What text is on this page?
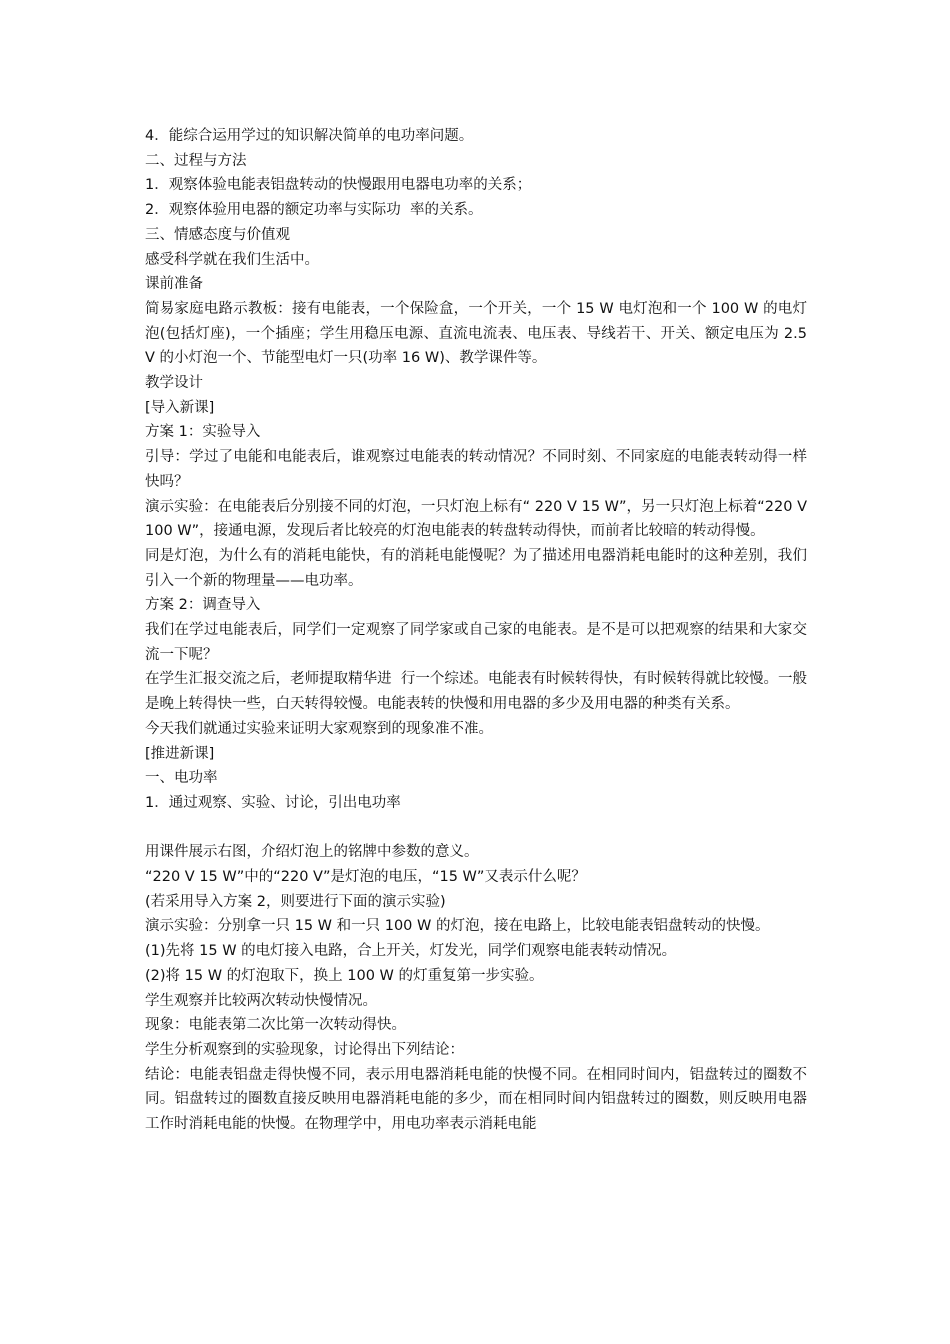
4．能综合运用学过的知识解决简单的电功率问题。

二、过程与方法

1．观察体验电能表铝盘转动的快慢跟用电器电功率的关系；

2．观察体验用电器的额定功率与实际功  率的关系。

三、情感态度与价值观

感受科学就在我们生活中。

课前准备

简易家庭电路示教板：接有电能表，一个保险盒，一个开关，一个 15 W 电灯泡和一个 100 W 的电灯泡(包括灯座)，一个插座；学生用稳压电源、直流电流表、电压表、导线若干、开关、额定电压为 2.5 V 的小灯泡一个、节能型电灯一只(功率 16 W)、教学课件等。

教学设计

[导入新课]

方案 1：实验导入

引导：学过了电能和电能表后，谁观察过电能表的转动情况？不同时刻、不同家庭的电能表转动得一样快吗？

演示实验：在电能表后分别接不同的灯泡，一只灯泡上标有“ 220 V 15 W”，另一只灯泡上标着“220 V 100 W”，接通电源，发现后者比较亮的灯泡电能表的转盘转动得快，而前者比较暗的转动得慢。

同是灯泡，为什么有的消耗电能快，有的消耗电能慢呢？为了描述用电器消耗电能时的这种差别，我们引入一个新的物理量——电功率。

方案 2：调查导入

我们在学过电能表后，同学们一定观察了同学家或自己家的电能表。是不是可以把观察的结果和大家交流一下呢？

在学生汇报交流之后，老师提取精华进  行一个综述。电能表有时候转得快，有时候转得就比较慢。一般是晚上转得快一些，白天转得较慢。电能表转的快慢和用电器的多少及用电器的种类有关系。

今天我们就通过实验来证明大家观察到的现象准不准。

[推进新课]

一、电功率

1．通过观察、实验、讨论，引出电功率

用课件展示右图，介绍灯泡上的铭牌中参数的意义。

“220 V 15 W”中的“220 V”是灯泡的电压，“15 W”又表示什么呢？

(若采用导入方案 2，则要进行下面的演示实验)

演示实验：分别拿一只 15 W 和一只 100 W 的灯泡，接在电路上，比较电能表铝盘转动的快慢。

(1)先将 15 W 的电灯接入电路，合上开关，灯发光，同学们观察电能表转动情况。

(2)将 15 W 的灯泡取下，换上 100 W 的灯重复第一步实验。

学生观察并比较两次转动快慢情况。

现象：电能表第二次比第一次转动得快。

学生分析观察到的实验现象，讨论得出下列结论：

结论：电能表铝盘走得快慢不同，表示用电器消耗电能的快慢不同。在相同时间内，铝盘转过的圈数不同。铝盘转过的圈数直接反映用电器消耗电能的多少，而在相同时间内铝盘转过的圈数，则反映用电器工作时消耗电能的快慢。在物理学中，用电功率表示消耗电能
